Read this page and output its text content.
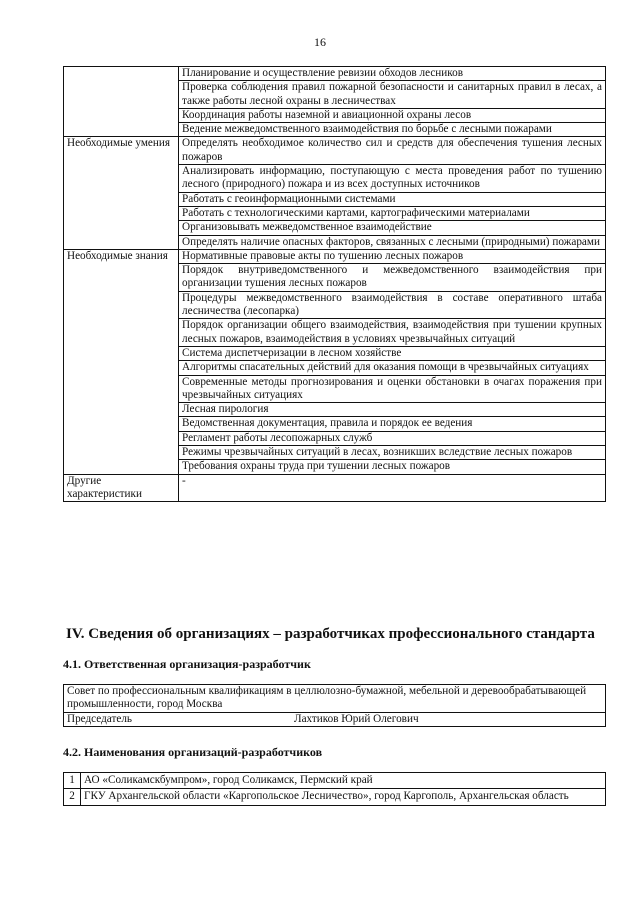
16
	Планирование и осуществление ревизии обходов лесников
	Проверка соблюдения правил пожарной безопасности и санитарных правил в лесах, а также работы лесной охраны в лесничествах
	Координация работы наземной и авиационной охраны лесов
	Ведение межведомственного взаимодействия по борьбе с лесными пожарами
Необходимые умения	Определять необходимое количество сил и средств для обеспечения тушения лесных пожаров
	Анализировать информацию, поступающую с места проведения работ по тушению лесного (природного) пожара и из всех доступных источников
	Работать с геоинформационными системами
	Работать с технологическими картами, картографическими материалами
	Организовывать межведомственное взаимодействие
	Определять наличие опасных факторов, связанных с лесными (природными) пожарами
Необходимые знания	Нормативные правовые акты по тушению лесных пожаров
	Порядок внутриведомственного и межведомственного взаимодействия при организации тушения лесных пожаров
	Процедуры межведомственного взаимодействия в составе оперативного штаба лесничества (лесопарка)
	Порядок организации общего взаимодействия, взаимодействия при тушении крупных лесных пожаров, взаимодействия в условиях чрезвычайных ситуаций
	Система диспетчеризации в лесном хозяйстве
	Алгоритмы спасательных действий для оказания помощи в чрезвычайных ситуациях
	Современные методы прогнозирования и оценки обстановки в очагах поражения при чрезвычайных ситуациях
	Лесная пирология
	Ведомственная документация, правила и порядок ее ведения
	Регламент работы лесопожарных служб
	Режимы чрезвычайных ситуаций в лесах, возникших вследствие лесных пожаров
	Требования охраны труда при тушении лесных пожаров
Другие характеристики	-
IV. Сведения об организациях – разработчиках профессионального стандарта
4.1. Ответственная организация-разработчик
Совет по профессиональным квалификациям в целлюлозно-бумажной, мебельной и деревообрабатывающей промышленности, город Москва

Председатель	Лахтиков Юрий Олегович
4.2. Наименования организаций-разработчиков
1	АО «Соликамскбумпром», город Соликамск, Пермский край
2	ГКУ Архангельской области «Каргопольское Лесничество», город Каргополь, Архангельская область
